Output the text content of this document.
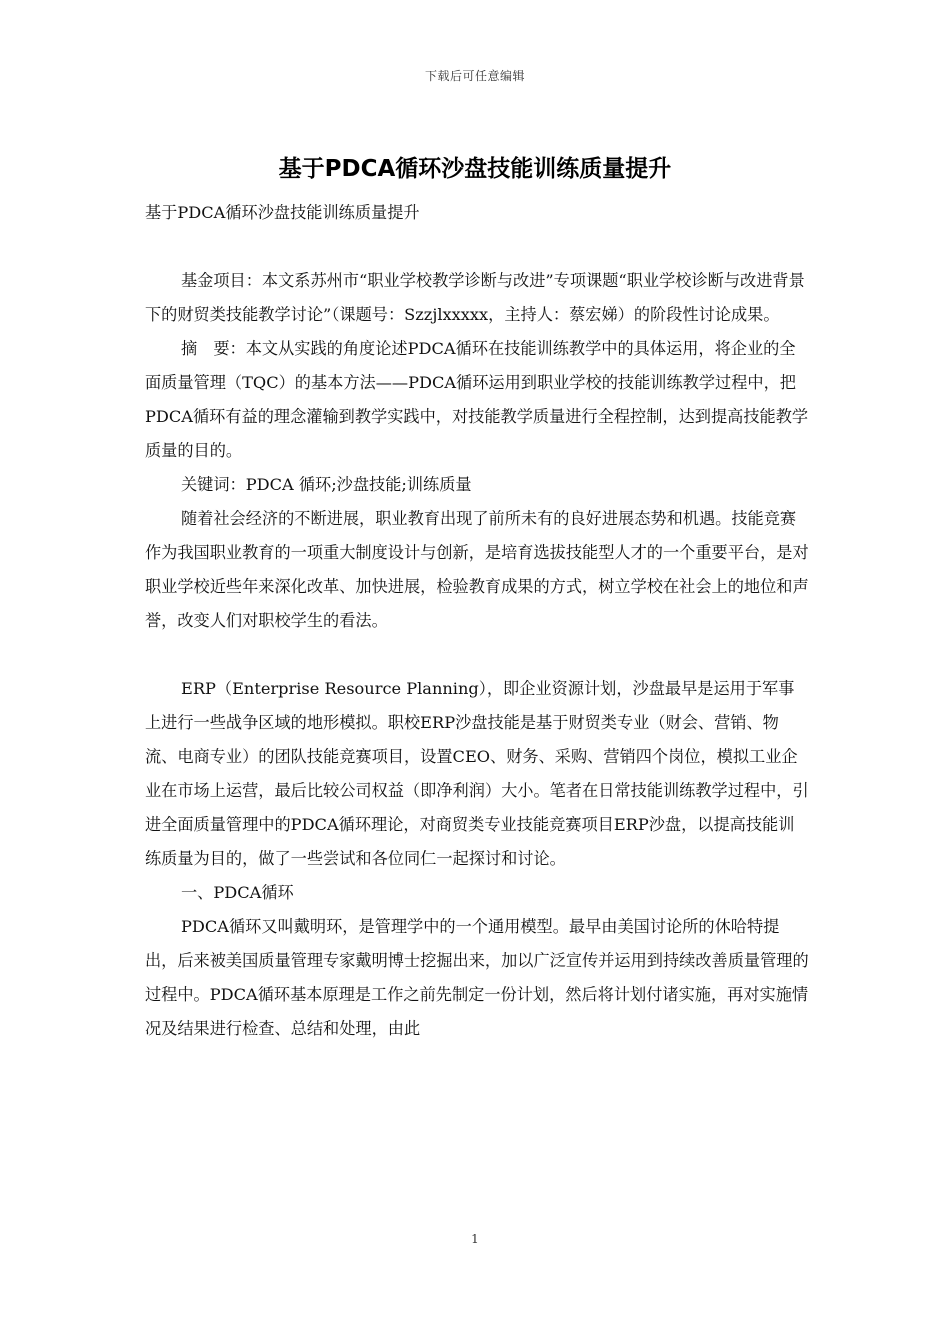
下载后可任意编辑
基于PDCA循环沙盘技能训练质量提升

基于PDCA循环沙盘技能训练质量提升

基金项目：本文系苏州市“职业学校教学诊断与改进”专项课题“职业学校诊断与改进背景下的财贸类技能教学讨论”（课题号：Szzjlxxxxx，主持人：蔡宏娣）的阶段性讨论成果。

摘　要：本文从实践的角度论述PDCA循环在技能训练教学中的具体运用，将企业的全面质量管理（TQC）的基本方法——PDCA循环运用到职业学校的技能训练教学过程中，把PDCA循环有益的理念灌输到教学实践中，对技能教学质量进行全程控制，达到提高技能教学质量的目的。

关键词：PDCA 循环;沙盘技能;训练质量

随着社会经济的不断进展，职业教育出现了前所未有的良好进展态势和机遇。技能竞赛作为我国职业教育的一项重大制度设计与创新，是培育选拔技能型人才的一个重要平台，是对职业学校近些年来深化改革、加快进展，检验教育成果的方式，树立学校在社会上的地位和声誉，改变人们对职校学生的看法。

ERP（Enterprise Resource Planning），即企业资源计划，沙盘最早是运用于军事上进行一些战争区域的地形模拟。职校ERP沙盘技能是基于财贸类专业（财会、营销、物流、电商专业）的团队技能竞赛项目，设置CEO、财务、采购、营销四个岗位，模拟工业企业在市场上运营，最后比较公司权益（即净利润）大小。笔者在日常技能训练教学过程中，引进全面质量管理中的PDCA循环理论，对商贸类专业技能竞赛项目ERP沙盘，以提高技能训练质量为目的，做了一些尝试和各位同仁一起探讨和讨论。

一、PDCA循环

PDCA循环又叫戴明环，是管理学中的一个通用模型。最早由美国讨论所的休哈特提出，后来被美国质量管理专家戴明博士挖掘出来，加以广泛宣传并运用到持续改善质量管理的过程中。PDCA循环基本原理是工作之前先制定一份计划，然后将计划付诸实施，再对实施情况及结果进行检查、总结和处理，由此

1
